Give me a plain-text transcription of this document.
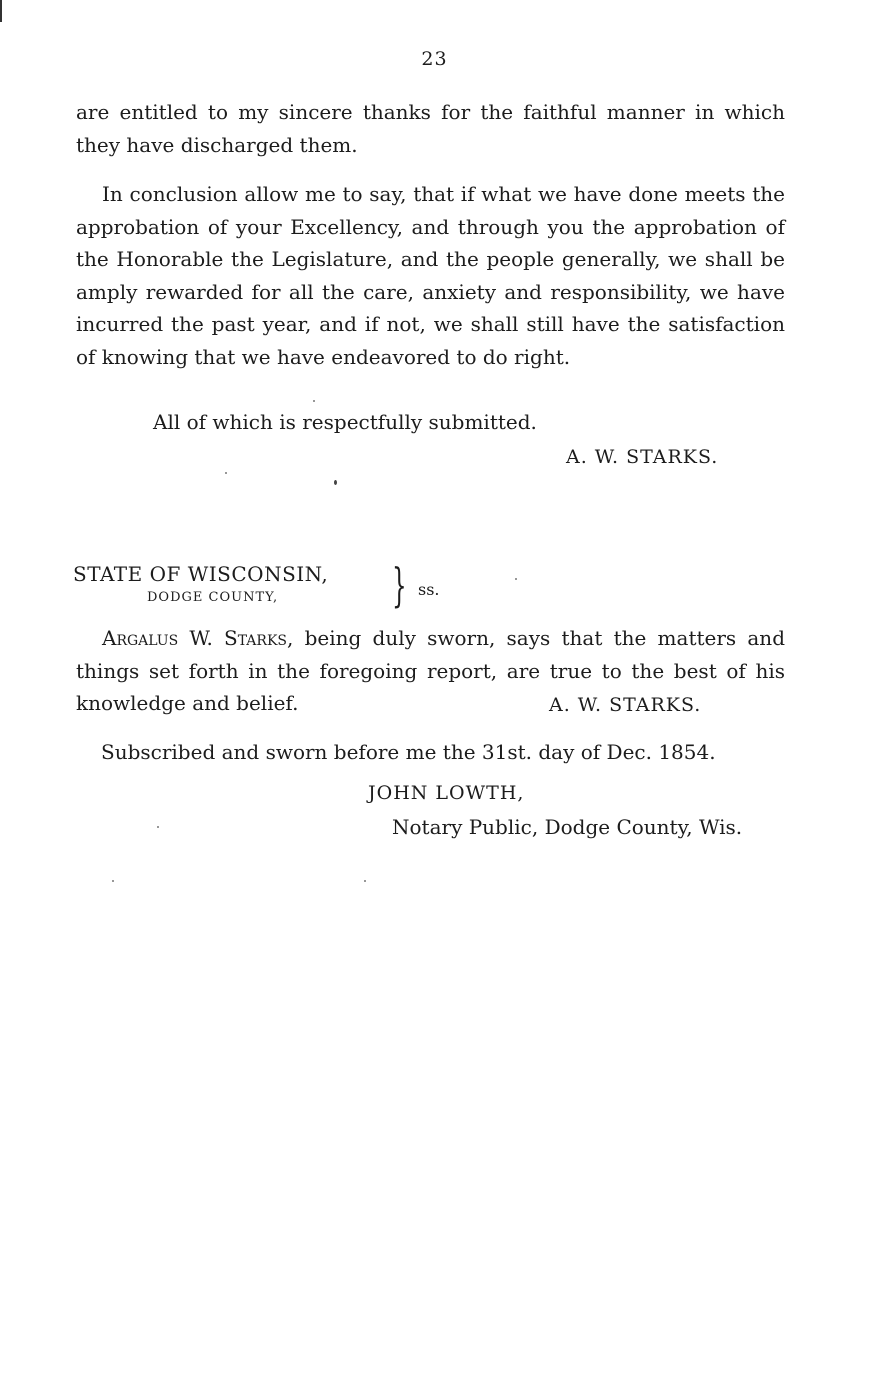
23

are entitled to my sincere thanks for the faithful manner in which they have discharged them.

In conclusion allow me to say, that if what we have done meets the approbation of your Excellency, and through you the approbation of the Honorable the Legislature, and the people generally, we shall be amply rewarded for all the care, anxiety and responsibility, we have incurred the past year, and if not, we shall still have the satisfaction of knowing that we have endeavored to do right.

All of which is respectfully submitted.
A. W. STARKS.
STATE OF WISCONSIN,
DODGE COUNTY,	} ss.

Argalus W. Starks, being duly sworn, says that the matters and things set forth in the foregoing report, are true to the best of his knowledge and belief.	A. W. STARKS.
Subscribed and sworn before me the 31st. day of Dec. 1854.
JOHN LOWTH,
Notary Public, Dodge County, Wis.
